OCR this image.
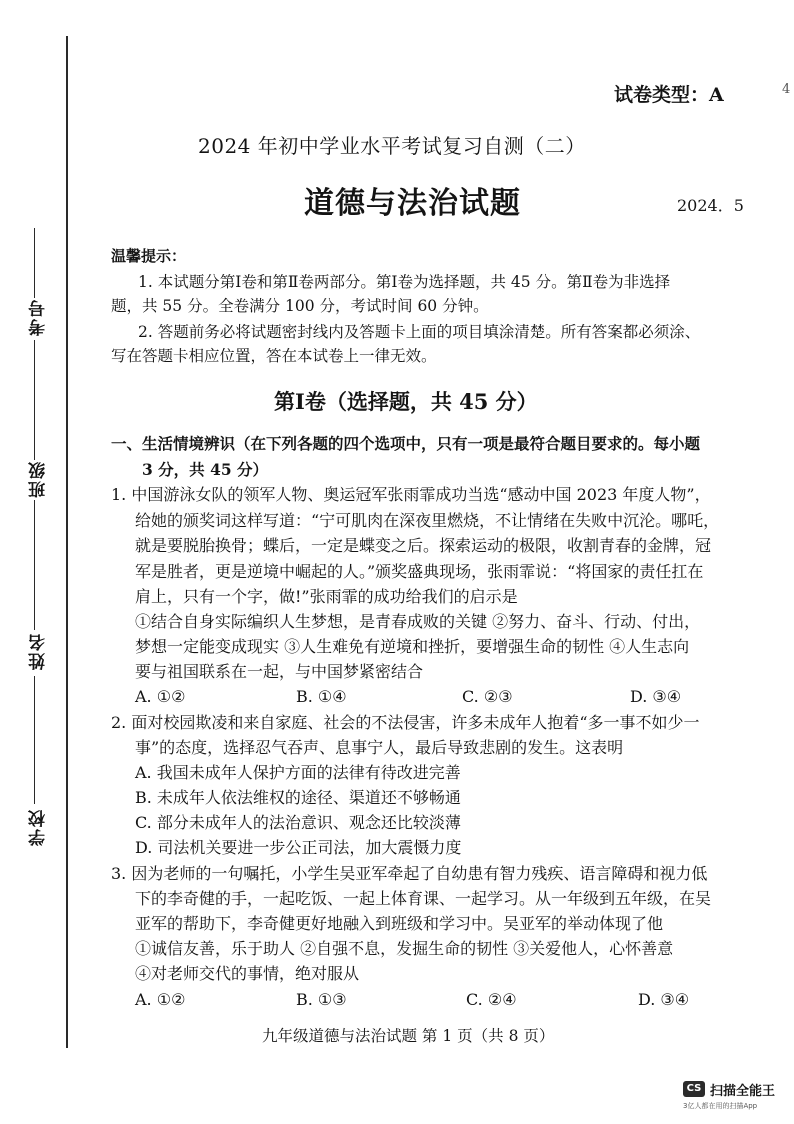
考号
班级
姓名
学校
试卷类型：A	4
2024 年初中学业水平考试复习自测（二）
道德与法治试题	2024．5
温馨提示：
1. 本试题分第Ⅰ卷和第Ⅱ卷两部分。第Ⅰ卷为选择题，共 45 分。第Ⅱ卷为非选择
题，共 55 分。全卷满分 100 分，考试时间 60 分钟。
2. 答题前务必将试题密封线内及答题卡上面的项目填涂清楚。所有答案都必须涂、
写在答题卡相应位置，答在本试卷上一律无效。
第Ⅰ卷（选择题，共 45 分）
一、生活情境辨识（在下列各题的四个选项中，只有一项是最符合题目要求的。每小题
3 分，共 45 分）
1. 中国游泳女队的领军人物、奥运冠军张雨霏成功当选“感动中国 2023 年度人物”，
给她的颁奖词这样写道：“宁可肌肉在深夜里燃烧，不让情绪在失败中沉沦。哪吒，
就是要脱胎换骨；蝶后，一定是蝶变之后。探索运动的极限，收割青春的金牌，冠
军是胜者，更是逆境中崛起的人。”颁奖盛典现场，张雨霏说：“将国家的责任扛在
肩上，只有一个字，做!”张雨霏的成功给我们的启示是
①结合自身实际编织人生梦想，是青春成败的关键 ②努力、奋斗、行动、付出，
梦想一定能变成现实 ③人生难免有逆境和挫折，要增强生命的韧性 ④人生志向
要与祖国联系在一起，与中国梦紧密结合
A. ①②	B. ①④	C. ②③	D. ③④
2. 面对校园欺凌和来自家庭、社会的不法侵害，许多未成年人抱着“多一事不如少一
事”的态度，选择忍气吞声、息事宁人，最后导致悲剧的发生。这表明
A. 我国未成年人保护方面的法律有待改进完善
B. 未成年人依法维权的途径、渠道还不够畅通
C. 部分未成年人的法治意识、观念还比较淡薄
D. 司法机关要进一步公正司法，加大震慑力度
3. 因为老师的一句嘱托，小学生吴亚军牵起了自幼患有智力残疾、语言障碍和视力低
下的李奇健的手，一起吃饭、一起上体育课、一起学习。从一年级到五年级，在吴
亚军的帮助下，李奇健更好地融入到班级和学习中。吴亚军的举动体现了他
①诚信友善，乐于助人 ②自强不息，发掘生命的韧性 ③关爱他人，心怀善意
④对老师交代的事情，绝对服从
A. ①②	B. ①③	C. ②④	D. ③④
九年级道德与法治试题 第 1 页（共 8 页）
CS 扫描全能王
3亿人都在用的扫描App
